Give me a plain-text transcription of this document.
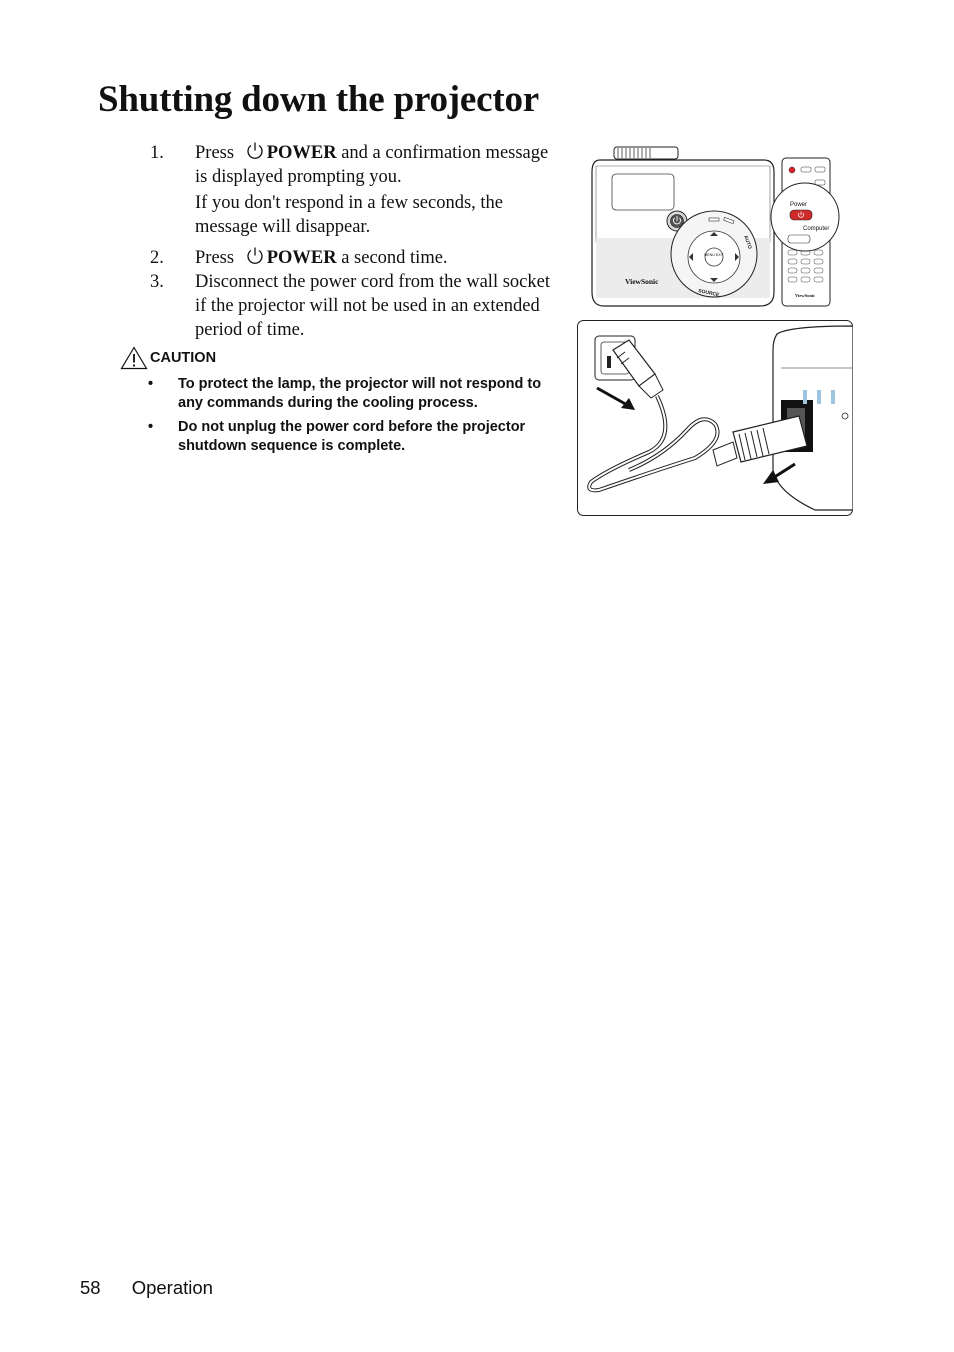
Shutting down the projector
1. Press POWER and a confirmation message is displayed prompting you.

If you don't respond in a few seconds, the message will disappear.

2. Press POWER a second time.

3. Disconnect the power cord from the wall socket if the projector will not be used in an extended period of time.

CAUTION
• To protect the lamp, the projector will not respond to any commands during the cooling process.
• Do not unplug the power cord before the projector shutdown sequence is complete.
ViewSonic
MENU EXIT
SOURCE
AUTO
ViewSonic
Power
Computer
58 Operation
